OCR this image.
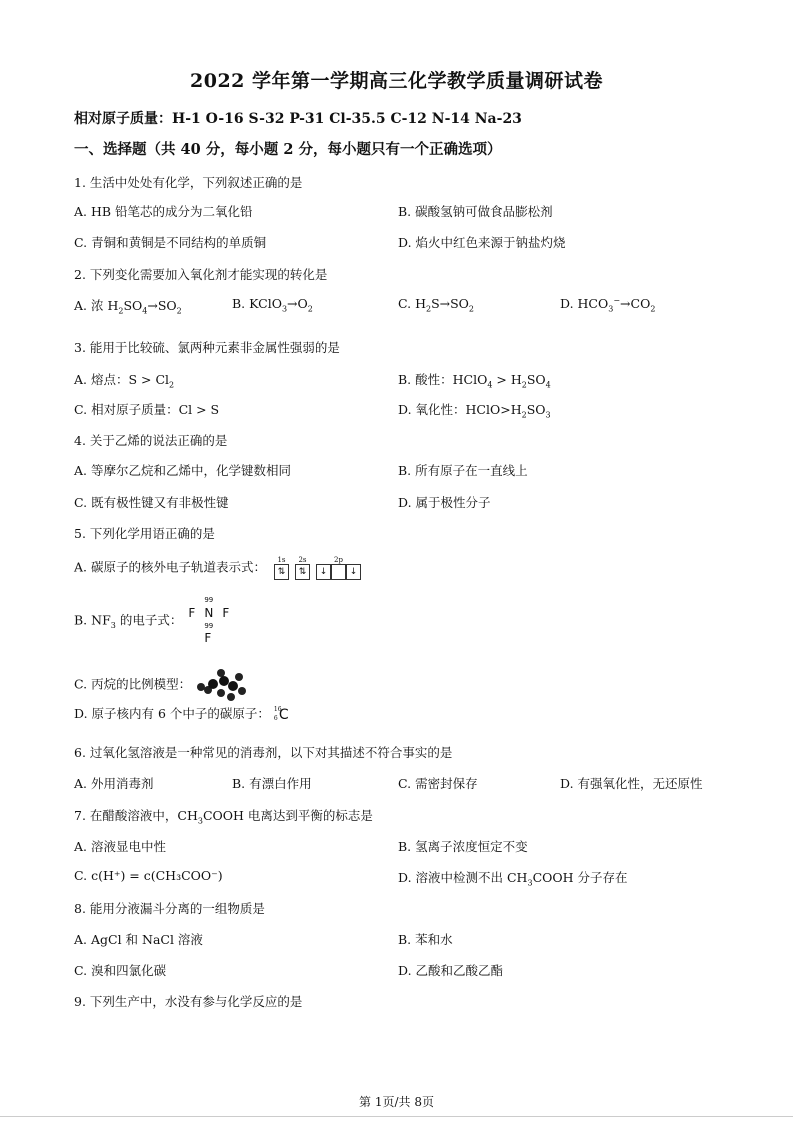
2022 学年第一学期高三化学教学质量调研试卷
相对原子质量：H-1 O-16 S-32 P-31 Cl-35.5 C-12 N-14 Na-23
一、选择题（共 40 分，每小题 2 分，每小题只有一个正确选项）
1. 生活中处处有化学，下列叙述正确的是
A. HB 铅笔芯的成分为二氧化铅	B. 碳酸氢钠可做食品膨松剂
C. 青铜和黄铜是不同结构的单质铜	D. 焰火中红色来源于钠盐灼烧
2. 下列变化需要加入氧化剂才能实现的转化是
A. 浓 $H_2SO_4\to SO_2$	B. $KClO_3\to O_2$	C. $H_2S\to SO_2$	D. $HCO_3^-\to CO_2$
3. 能用于比较硫、氯两种元素非金属性强弱的是
A. 熔点：$S > Cl_2$	B. 酸性：HClO$_4$ > $H_2SO_4$
C. 相对原子质量：Cl > S	D. 氧化性：$HClO>H_2SO_3$
4. 关于乙烯的说法正确的是
A. 等摩尔乙烷和乙烯中，化学键数相同	B. 所有原子在一直线上
C. 既有极性键又有非极性键	D. 属于极性分子
5. 下列化学用语正确的是
A. 碳原子的核外电子轨道表示式： 1s
⇅
2s
⇅
2p
↓	↓
B. $NF_3$ 的电子式：
99
F N F
99
F
C. 丙烷的比例模型：
D. 原子核内有 6 个中子的碳原子： 16
6 C
6. 过氧化氢溶液是一种常见的消毒剂，以下对其描述不符合事实的是
A. 外用消毒剂	B. 有漂白作用	C. 需密封保存	D. 有强氧化性，无还原性
7. 在醋酸溶液中，$CH_3COOH$ 电离达到平衡的标志是
A. 溶液显电中性	B. 氢离子浓度恒定不变
C. c(H⁺) = c(CH₃COO⁻)	D. 溶液中检测不出 $CH_3COOH$ 分子存在
8. 能用分液漏斗分离的一组物质是
A. AgCl 和 NaCl 溶液	B. 苯和水
C. 溴和四氯化碳	D. 乙酸和乙酸乙酯
9. 下列生产中，水没有参与化学反应的是
第 1页/共 8页
